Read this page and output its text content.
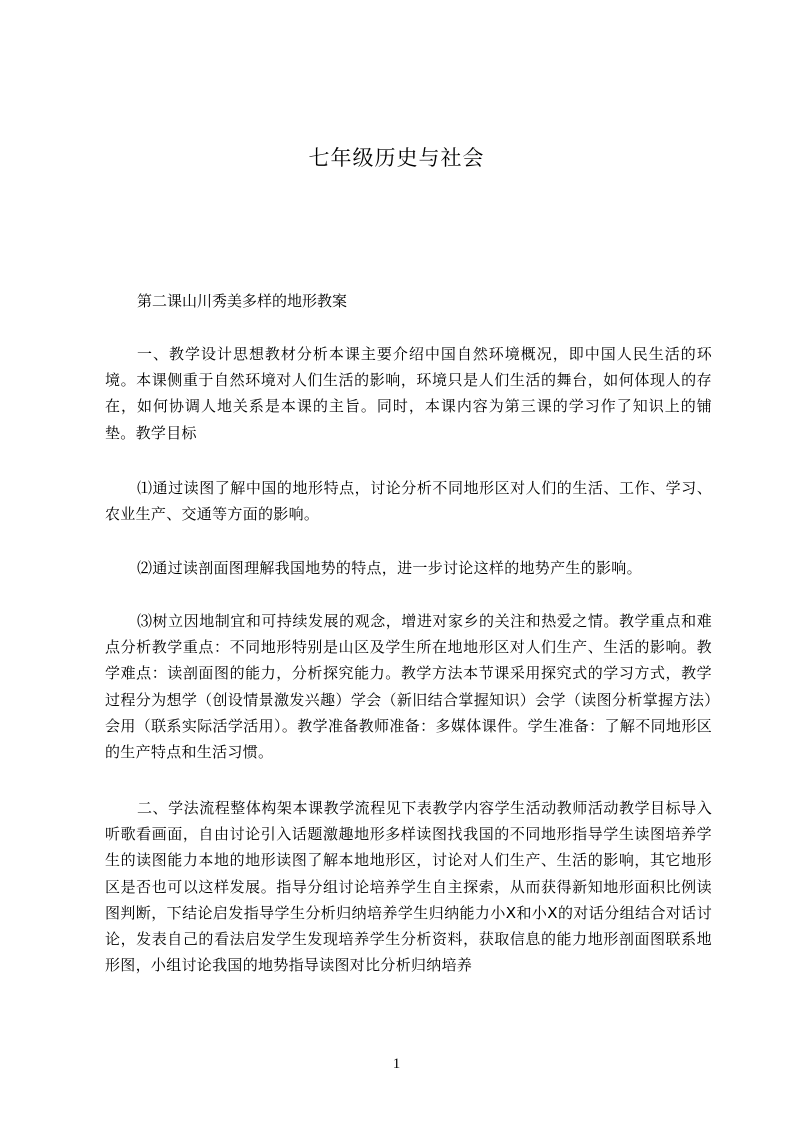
七年级历史与社会
第二课山川秀美多样的地形教案

一、教学设计思想教材分析本课主要介绍中国自然环境概况，即中国人民生活的环境。本课侧重于自然环境对人们生活的影响，环境只是人们生活的舞台，如何体现人的存在，如何协调人地关系是本课的主旨。同时，本课内容为第三课的学习作了知识上的铺垫。教学目标

⑴通过读图了解中国的地形特点，讨论分析不同地形区对人们的生活、工作、学习、农业生产、交通等方面的影响。

⑵通过读剖面图理解我国地势的特点，进一步讨论这样的地势产生的影响。

⑶树立因地制宜和可持续发展的观念，增进对家乡的关注和热爱之情。教学重点和难点分析教学重点：不同地形特别是山区及学生所在地地形区对人们生产、生活的影响。教学难点：读剖面图的能力，分析探究能力。教学方法本节课采用探究式的学习方式，教学过程分为想学（创设情景激发兴趣）学会（新旧结合掌握知识）会学（读图分析掌握方法）会用（联系实际活学活用）。教学准备教师准备：多媒体课件。学生准备：了解不同地形区的生产特点和生活习惯。

二、学法流程整体构架本课教学流程见下表教学内容学生活动教师活动教学目标导入听歌看画面，自由讨论引入话题激趣地形多样读图找我国的不同地形指导学生读图培养学生的读图能力本地的地形读图了解本地地形区，讨论对人们生产、生活的影响，其它地形区是否也可以这样发展。指导分组讨论培养学生自主探索，从而获得新知地形面积比例读图判断，下结论启发指导学生分析归纳培养学生归纳能力小X和小X的对话分组结合对话讨论，发表自己的看法启发学生发现培养学生分析资料，获取信息的能力地形剖面图联系地形图，小组讨论我国的地势指导读图对比分析归纳培养

1
